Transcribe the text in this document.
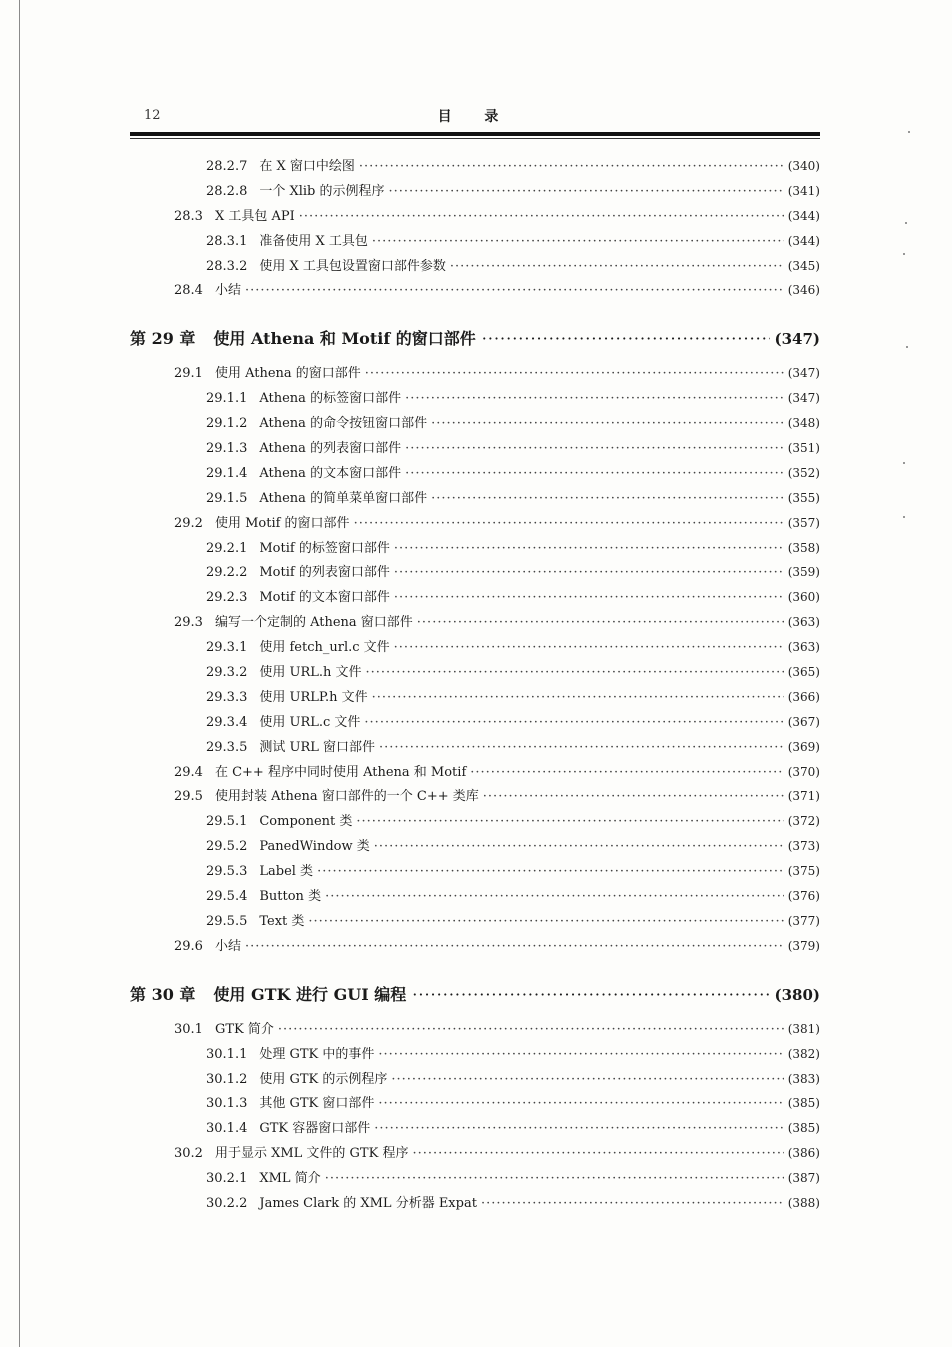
12	目 录
28.2.7 在 X 窗口中绘图 ·····	(340)
28.2.8 一个 Xlib 的示例程序 ·····	(341)
28.3 X 工具包 API ·····	(344)
28.3.1 准备使用 X 工具包 ·····	(344)
28.3.2 使用 X 工具包设置窗口部件参数 ·····	(345)
28.4 小结 ·····	(346)
第 29 章 使用 Athena 和 Motif 的窗口部件 ·····	(347)
29.1 使用 Athena 的窗口部件 ·····	(347)
29.1.1 Athena 的标签窗口部件 ·····	(347)
29.1.2 Athena 的命令按钮窗口部件 ·····	(348)
29.1.3 Athena 的列表窗口部件 ·····	(351)
29.1.4 Athena 的文本窗口部件 ·····	(352)
29.1.5 Athena 的简单菜单窗口部件 ·····	(355)
29.2 使用 Motif 的窗口部件 ·····	(357)
29.2.1 Motif 的标签窗口部件 ·····	(358)
29.2.2 Motif 的列表窗口部件 ·····	(359)
29.2.3 Motif 的文本窗口部件 ·····	(360)
29.3 编写一个定制的 Athena 窗口部件 ·····	(363)
29.3.1 使用 fetch_url.c 文件 ·····	(363)
29.3.2 使用 URL.h 文件 ·····	(365)
29.3.3 使用 URLP.h 文件 ·····	(366)
29.3.4 使用 URL.c 文件 ·····	(367)
29.3.5 测试 URL 窗口部件 ·····	(369)
29.4 在 C++ 程序中同时使用 Athena 和 Motif ·····	(370)
29.5 使用封装 Athena 窗口部件的一个 C++ 类库 ·····	(371)
29.5.1 Component 类 ·····	(372)
29.5.2 PanedWindow 类 ·····	(373)
29.5.3 Label 类 ·····	(375)
29.5.4 Button 类 ·····	(376)
29.5.5 Text 类 ·····	(377)
29.6 小结 ·····	(379)
第 30 章 使用 GTK 进行 GUI 编程 ·····	(380)
30.1 GTK 简介 ·····	(381)
30.1.1 处理 GTK 中的事件 ·····	(382)
30.1.2 使用 GTK 的示例程序 ·····	(383)
30.1.3 其他 GTK 窗口部件 ·····	(385)
30.1.4 GTK 容器窗口部件 ·····	(385)
30.2 用于显示 XML 文件的 GTK 程序 ·····	(386)
30.2.1 XML 简介 ·····	(387)
30.2.2 James Clark 的 XML 分析器 Expat ·····	(388)
